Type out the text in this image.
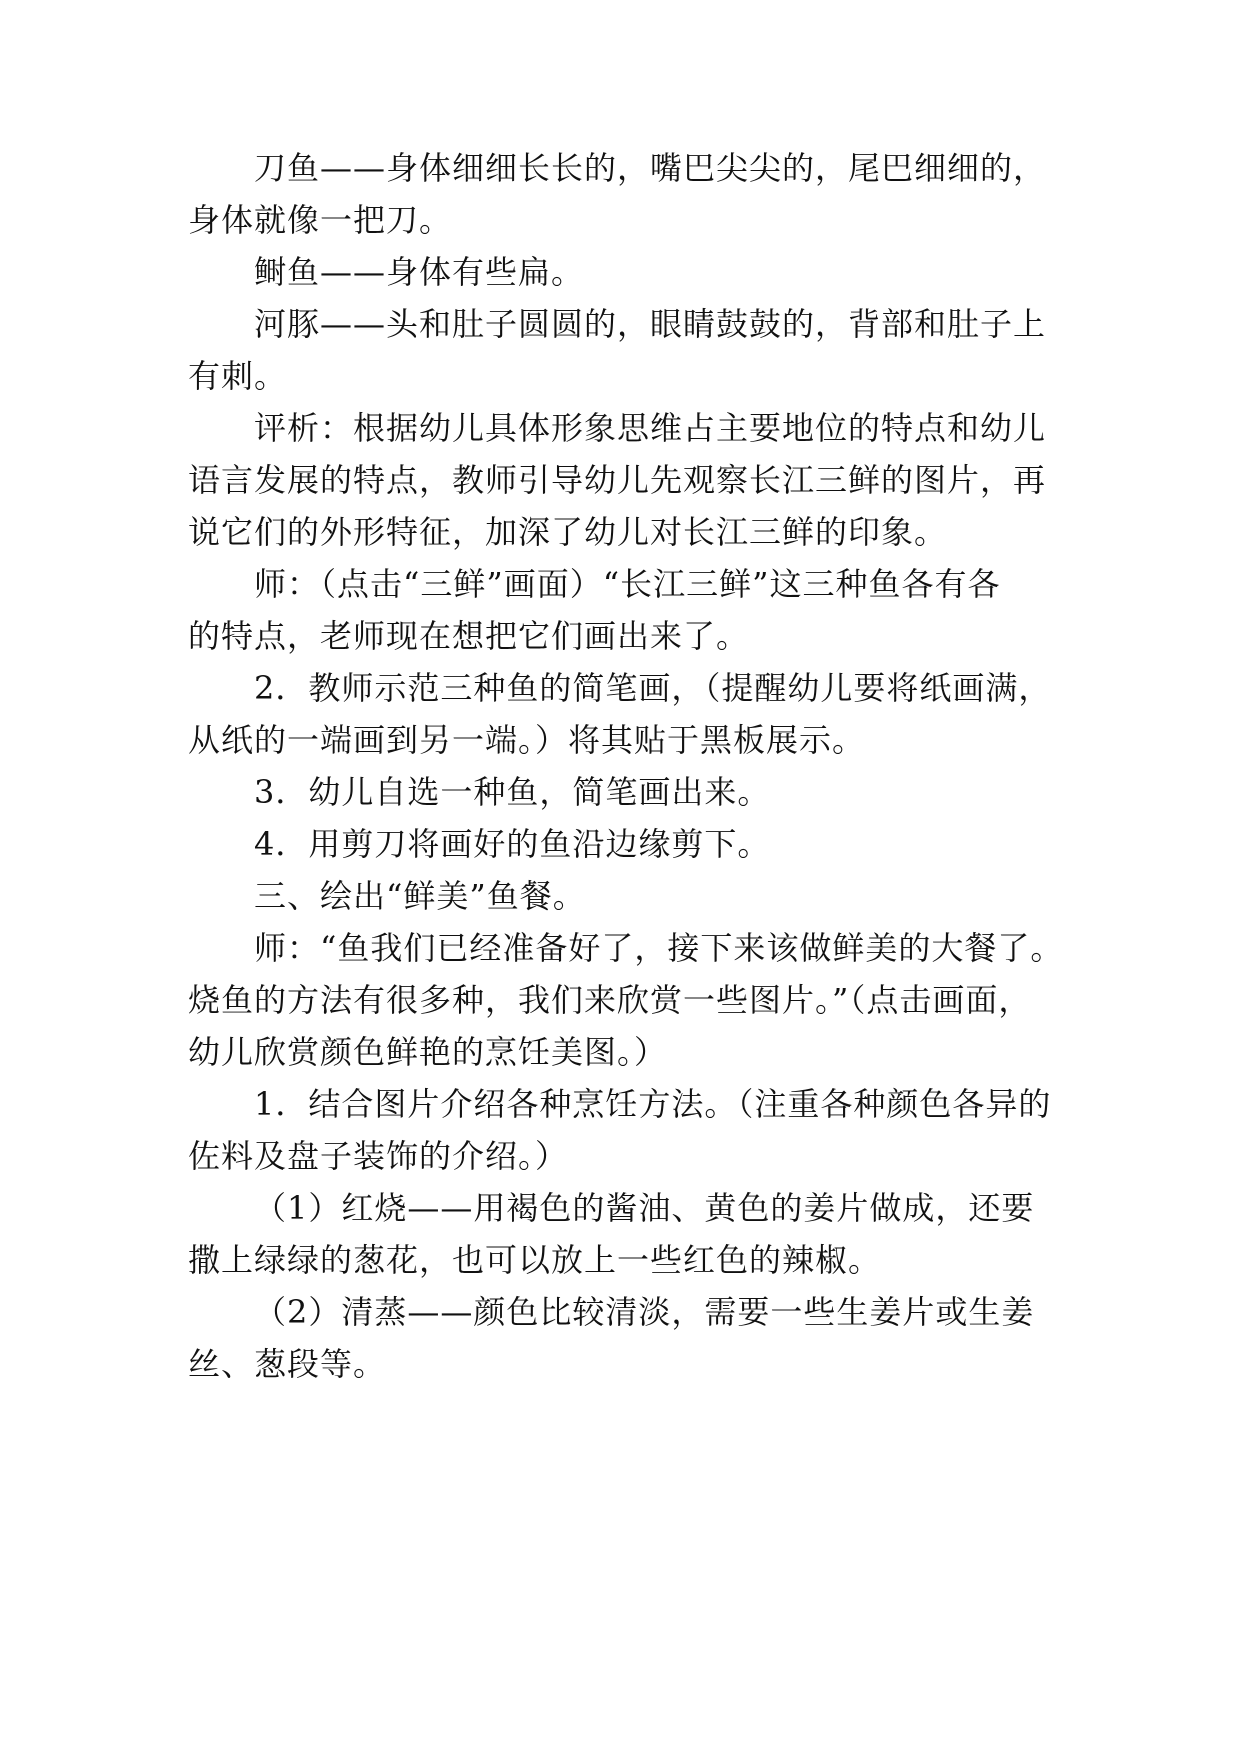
刀鱼——身体细细长长的，嘴巴尖尖的，尾巴细细的，
身体就像一把刀。
鲥鱼——身体有些扁。
河豚——头和肚子圆圆的，眼睛鼓鼓的，背部和肚子上
有刺。
评析：根据幼儿具体形象思维占主要地位的特点和幼儿
语言发展的特点，教师引导幼儿先观察长江三鲜的图片，再
说它们的外形特征，加深了幼儿对长江三鲜的印象。
师：（点击“三鲜”画面）“长江三鲜”这三种鱼各有各
的特点，老师现在想把它们画出来了。
2．教师示范三种鱼的简笔画，（提醒幼儿要将纸画满，
从纸的一端画到另一端。）将其贴于黑板展示。
3．幼儿自选一种鱼，简笔画出来。
4．用剪刀将画好的鱼沿边缘剪下。
三、绘出“鲜美”鱼餐。
师：“鱼我们已经准备好了，接下来该做鲜美的大餐了。
烧鱼的方法有很多种，我们来欣赏一些图片。”（点击画面，
幼儿欣赏颜色鲜艳的烹饪美图。）
1．结合图片介绍各种烹饪方法。（注重各种颜色各异的
佐料及盘子装饰的介绍。）
（1）红烧——用褐色的酱油、黄色的姜片做成，还要
撒上绿绿的葱花，也可以放上一些红色的辣椒。
（2）清蒸——颜色比较清淡，需要一些生姜片或生姜
丝、葱段等。
